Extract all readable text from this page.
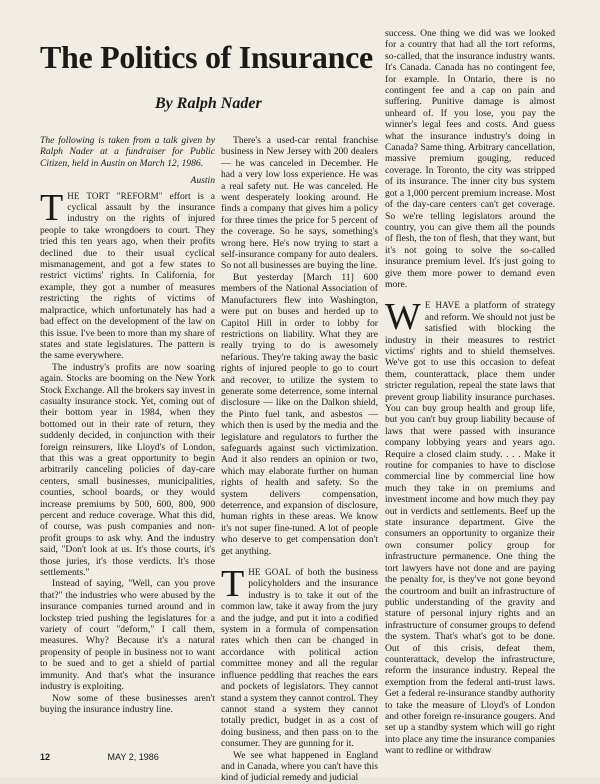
The Politics of Insurance
By Ralph Nader

The following is taken from a talk given by Ralph Nader at a fundraiser for Public Citizen, held in Austin on March 12, 1986.

Austin

THE TORT "REFORM" effort is a cyclical assault by the insurance industry on the rights of injured people to take wrongdoers to court. They tried this ten years ago, when their profits declined due to their usual cyclical mismanagement, and got a few states to restrict victims' rights. In California, for example, they got a number of measures restricting the rights of victims of malpractice, which unfortunately has had a bad effect on the development of the law on this issue. I've been to more than my share of states and state legislatures. The pattern is the same everywhere.

The industry's profits are now soaring again. Stocks are booming on the New York Stock Exchange. All the brokers say invest in casualty insurance stock. Yet, coming out of their bottom year in 1984, when they bottomed out in their rate of return, they suddenly decided, in conjunction with their foreign reinsurers, like Lloyd's of London, that this was a great opportunity to begin arbitrarily canceling policies of day-care centers, small businesses, municipalities, counties, school boards, or they would increase premiums by 500, 600, 800, 900 percent and reduce coverage. What this did, of course, was push companies and non-profit groups to ask why. And the industry said, "Don't look at us. It's those courts, it's those juries, it's those verdicts. It's those settlements."

Instead of saying, "Well, can you prove that?" the industries who were abused by the insurance companies turned around and in lockstep tried pushing the legislatures for a variety of court "deform," I call them, measures. Why? Because it's a natural propensity of people in business not to want to be sued and to get a shield of partial immunity. And that's what the insurance industry is exploiting.

Now some of these businesses aren't buying the insurance industry line.

There's a used-car rental franchise business in New Jersey with 200 dealers — he was canceled in December. He had a very low loss experience. He was a real safety nut. He was canceled. He went desperately looking around. He finds a company that gives him a policy for three times the price for 5 percent of the coverage. So he says, something's wrong here. He's now trying to start a self-insurance company for auto dealers. So not all businesses are buying the line.

But yesterday [March 11] 600 members of the National Association of Manufacturers flew into Washington, were put on buses and herded up to Capitol Hill in order to lobby for restrictions on liability. What they are really trying to do is awesomely nefarious. They're taking away the basic rights of injured people to go to court and recover, to utilize the system to generate some deterrence, some internal disclosure — like on the Dalkon shield, the Pinto fuel tank, and asbestos — which then is used by the media and the legislature and regulators to further the safeguards against such victimization. And it also renders an opinion or two, which may elaborate further on human rights of health and safety. So the system delivers compensation, deterrence, and expansion of disclosure, human rights in these areas. We know it's not super fine-tuned. A lot of people who deserve to get compensation don't get anything.

THE GOAL of both the business policyholders and the insurance industry is to take it out of the common law, take it away from the jury and the judge, and put it into a codified system in a formula of compensation rates which then can be changed in accordance with political action committee money and all the regular influence peddling that reaches the ears and pockets of legislators. They cannot stand a system they cannot control. They cannot stand a system they cannot totally predict, budget in as a cost of doing business, and then pass on to the consumer. They are gunning for it.

We see what happened in England and in Canada, where you can't have this kind of judicial remedy and judicial

success. One thing we did was we looked for a country that had all the tort reforms, so-called, that the insurance industry wants. It's Canada. Canada has no contingent fee, for example. In Ontario, there is no contingent fee and a cap on pain and suffering. Punitive damage is almost unheard of. If you lose, you pay the winner's legal fees and costs. And guess what the insurance industry's doing in Canada? Same thing. Arbitrary cancellation, massive premium gouging, reduced coverage. In Toronto, the city was stripped of its insurance. The inner city bus system got a 1,000 percent premium increase. Most of the day-care centers can't get coverage. So we're telling legislators around the country, you can give them all the pounds of flesh, the ton of flesh, that they want, but it's not going to solve the so-called insurance premium level. It's just going to give them more power to demand even more.

W E HAVE a platform of strategy and reform. We should not just be satisfied with blocking the industry in their measures to restrict victims' rights and to shield themselves. We've got to use this occasion to defeat them, counterattack, place them under stricter regulation, repeal the state laws that prevent group liability insurance purchases. You can buy group health and group life, but you can't buy group liability because of laws that were passed with insurance company lobbying years and years ago. Require a closed claim study. . . . Make it routine for companies to have to disclose commercial line by commercial line how much they take in on premiums and investment income and how much they pay out in verdicts and settlements. Beef up the state insurance department. Give the consumers an opportunity to organize their own consumer policy group for infrastructure permanence. One thing the tort lawyers have not done and are paying the penalty for, is they've not gone beyond the courtroom and built an infrastructure of public understanding of the gravity and stature of personal injury rights and an infrastructure of consumer groups to defend the system. That's what's got to be done. Out of this crisis, defeat them, counterattack, develop the infrastructure, reform the insurance industry. Repeal the exemption from the federal anti-trust laws. Get a federal re-insurance standby authority to take the measure of Lloyd's of London and other foreign re-insurance gougers. And set up a standby system which will go right into place any time the insurance companies want to redline or withdraw

12	MAY 2, 1986
